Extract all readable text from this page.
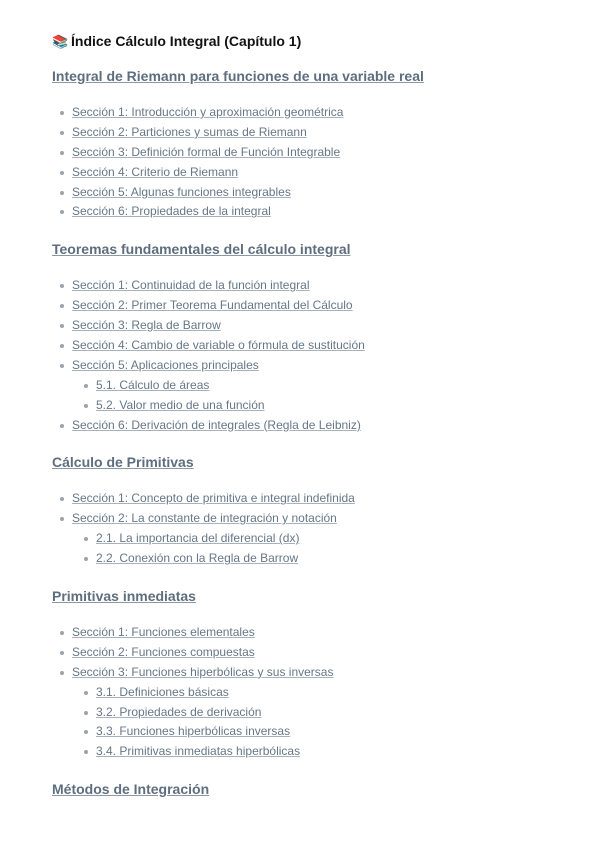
📚 Índice Cálculo Integral (Capítulo 1)
Integral de Riemann para funciones de una variable real
Sección 1: Introducción y aproximación geométrica
Sección 2: Particiones y sumas de Riemann
Sección 3: Definición formal de Función Integrable
Sección 4: Criterio de Riemann
Sección 5: Algunas funciones integrables
Sección 6: Propiedades de la integral
Teoremas fundamentales del cálculo integral
Sección 1: Continuidad de la función integral
Sección 2: Primer Teorema Fundamental del Cálculo
Sección 3: Regla de Barrow
Sección 4: Cambio de variable o fórmula de sustitución
Sección 5: Aplicaciones principales
5.1. Cálculo de áreas
5.2. Valor medio de una función
Sección 6: Derivación de integrales (Regla de Leibniz)
Cálculo de Primitivas
Sección 1: Concepto de primitiva e integral indefinida
Sección 2: La constante de integración y notación
2.1. La importancia del diferencial (dx)
2.2. Conexión con la Regla de Barrow
Primitivas inmediatas
Sección 1: Funciones elementales
Sección 2: Funciones compuestas
Sección 3: Funciones hiperbólicas y sus inversas
3.1. Definiciones básicas
3.2. Propiedades de derivación
3.3. Funciones hiperbólicas inversas
3.4. Primitivas inmediatas hiperbólicas
Métodos de Integración
